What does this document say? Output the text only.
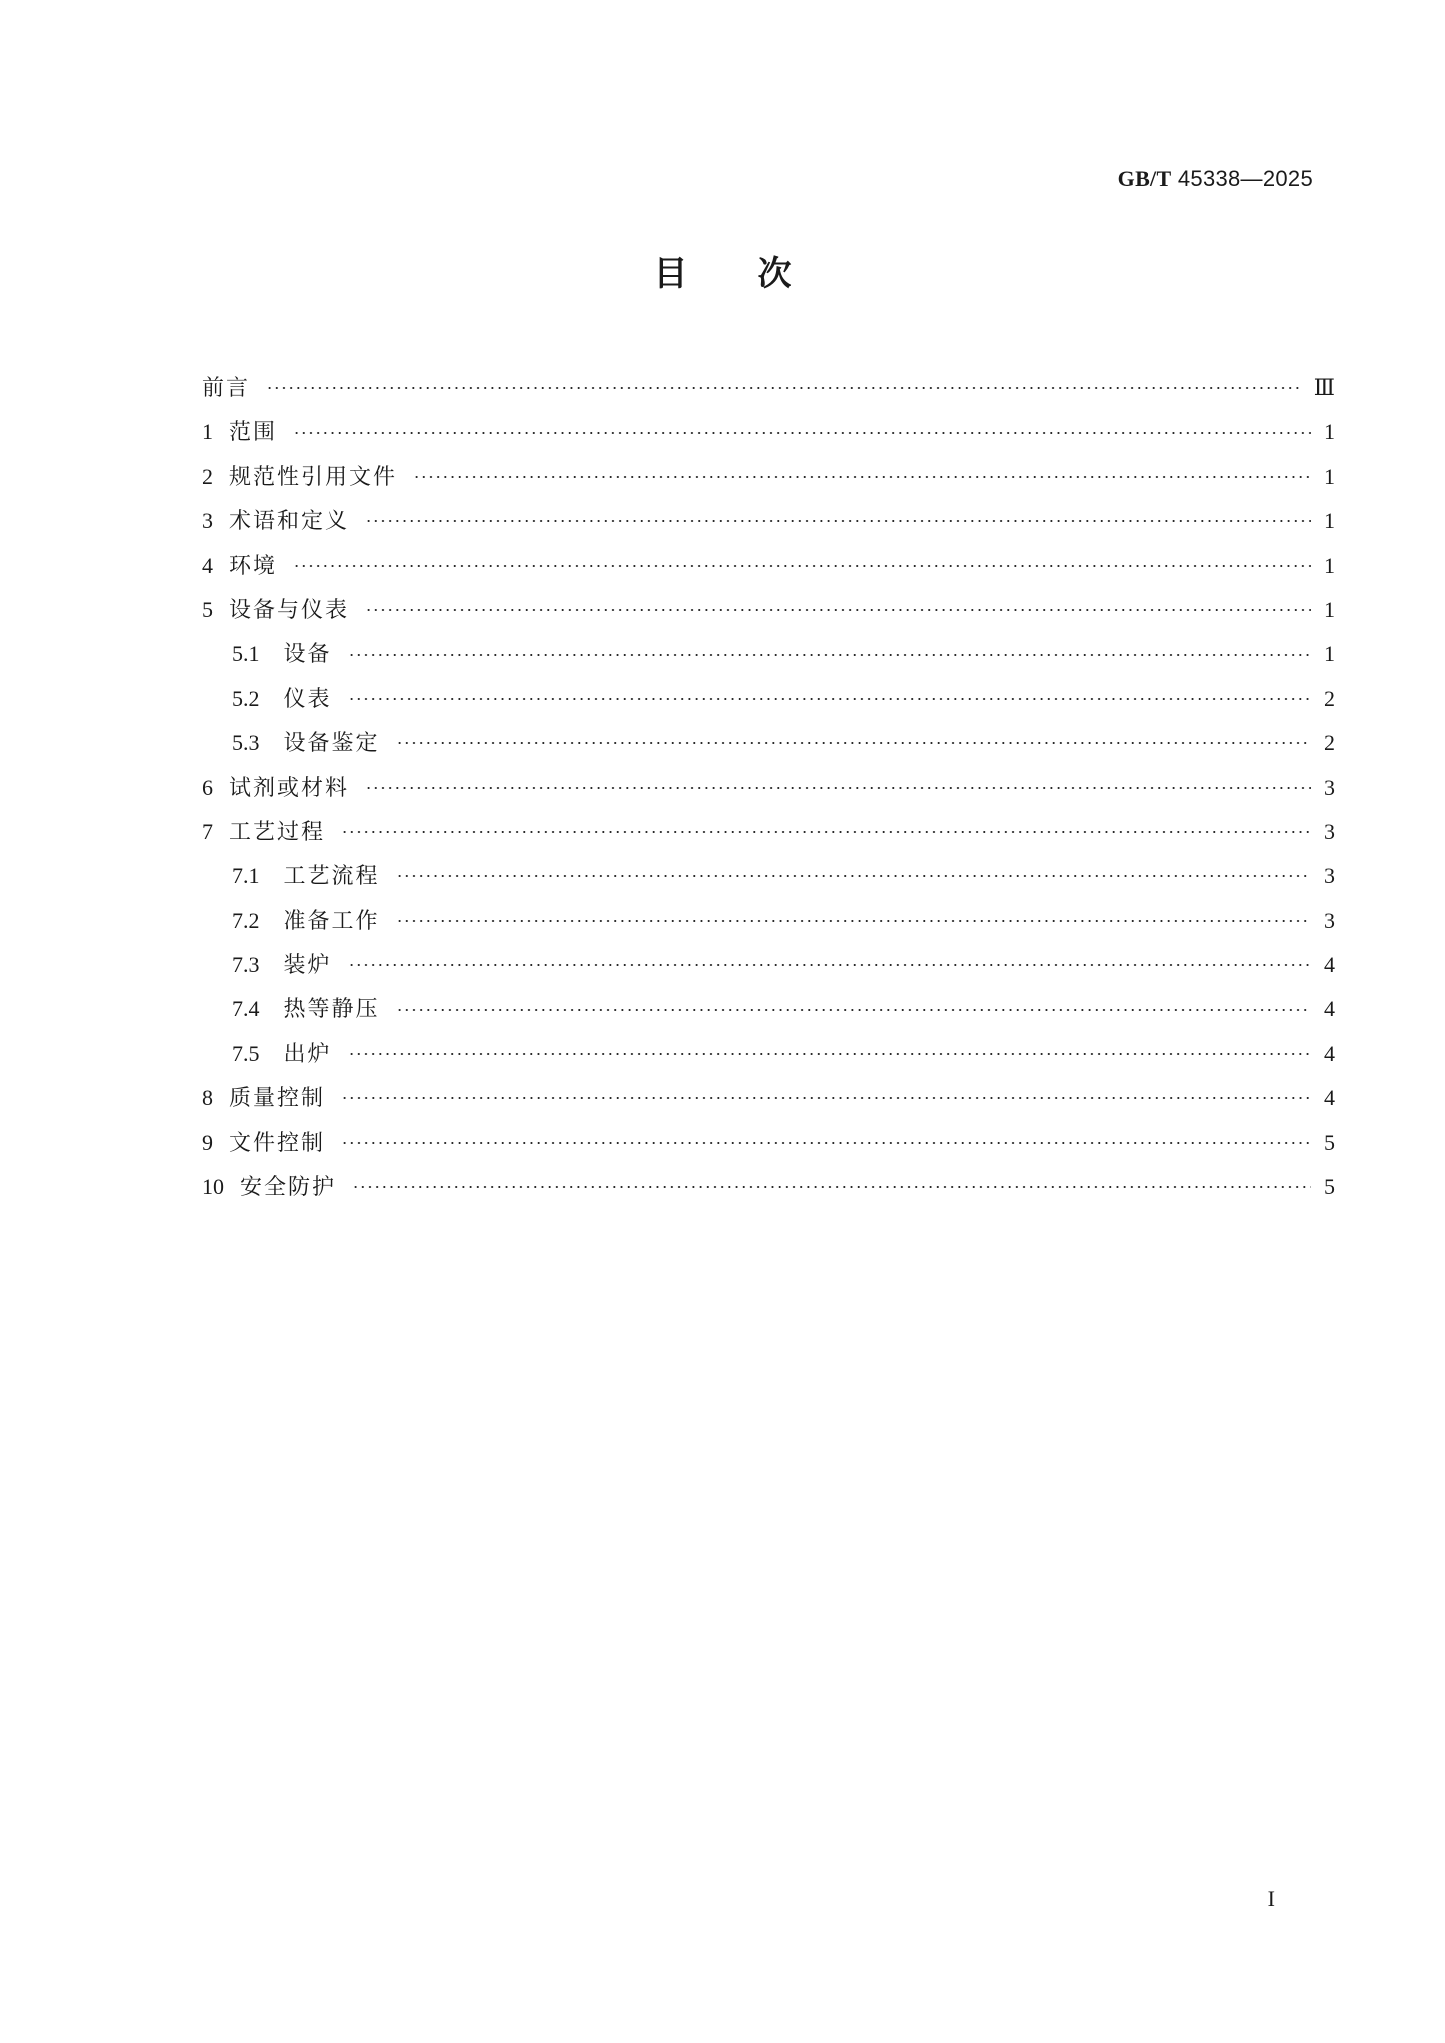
GB/T 45338—2025
目次
前言	Ⅲ
1 范围	1
2 规范性引用文件	1
3 术语和定义	1
4 环境	1
5 设备与仪表	1
5.1 设备	1
5.2 仪表	2
5.3 设备鉴定	2
6 试剂或材料	3
7 工艺过程	3
7.1 工艺流程	3
7.2 准备工作	3
7.3 装炉	4
7.4 热等静压	4
7.5 出炉	4
8 质量控制	4
9 文件控制	5
10 安全防护	5
I
